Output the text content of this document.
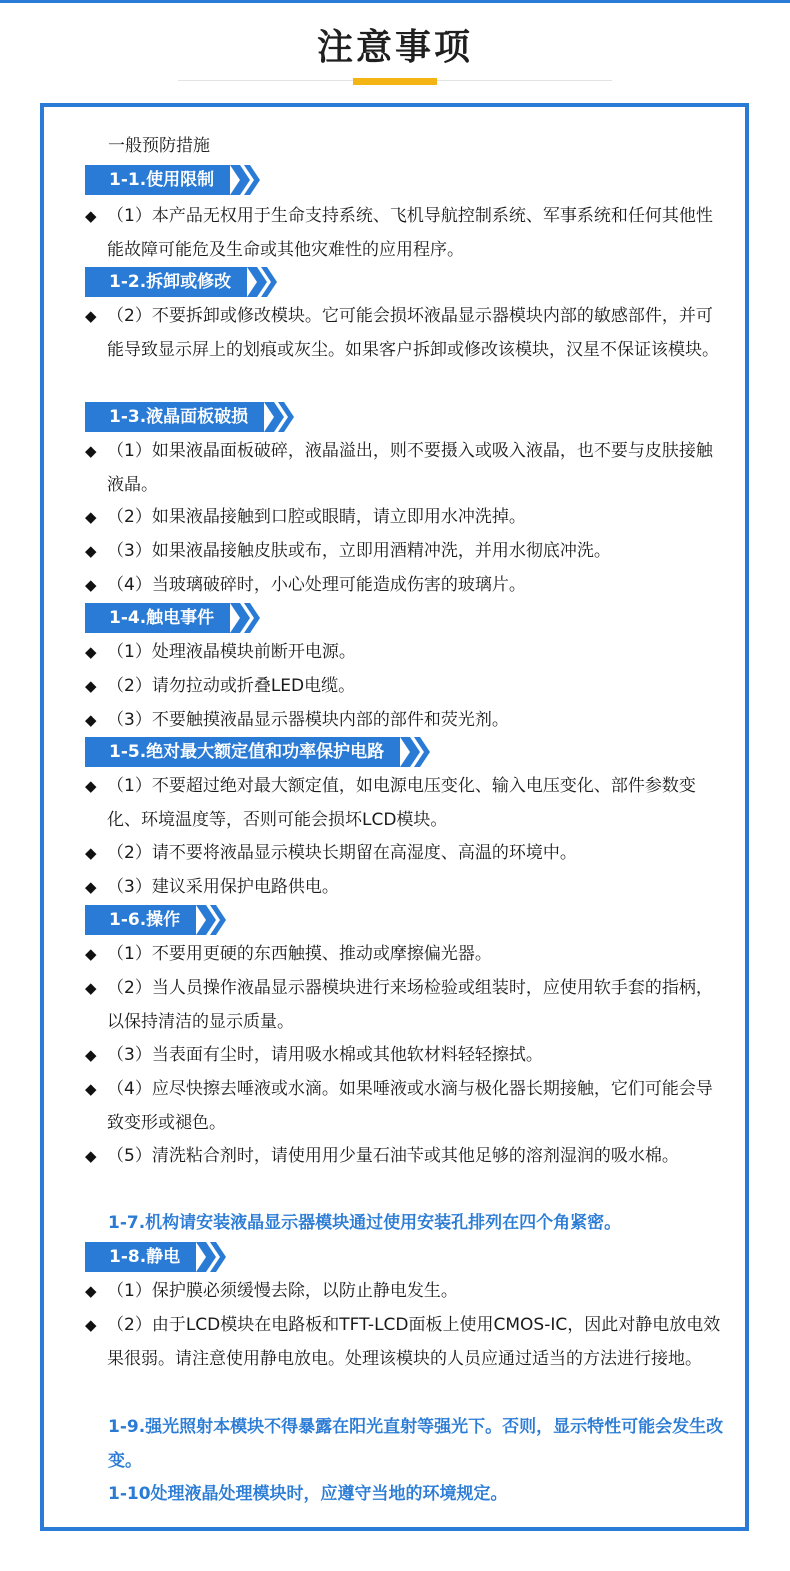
注意事项
一般预防措施
1-1.使用限制
◆ （1）本产品无权用于生命支持系统、飞机导航控制系统、军事系统和任何其他性能故障可能危及生命或其他灾难性的应用程序。
1-2.拆卸或修改
◆ （2）不要拆卸或修改模块。它可能会损坏液晶显示器模块内部的敏感部件，并可能导致显示屏上的划痕或灰尘。如果客户拆卸或修改该模块，汉星不保证该模块。
1-3.液晶面板破损
◆ （1）如果液晶面板破碎，液晶溢出，则不要摄入或吸入液晶，也不要与皮肤接触液晶。
◆ （2）如果液晶接触到口腔或眼睛，请立即用水冲洗掉。
◆ （3）如果液晶接触皮肤或布，立即用酒精冲洗，并用水彻底冲洗。
◆ （4）当玻璃破碎时，小心处理可能造成伤害的玻璃片。
1-4.触电事件
◆ （1）处理液晶模块前断开电源。
◆ （2）请勿拉动或折叠LED电缆。
◆ （3）不要触摸液晶显示器模块内部的部件和荧光剂。
1-5.绝对最大额定值和功率保护电路
◆ （1）不要超过绝对最大额定值，如电源电压变化、输入电压变化、部件参数变化、环境温度等，否则可能会损坏LCD模块。
◆ （2）请不要将液晶显示模块长期留在高湿度、高温的环境中。
◆ （3）建议采用保护电路供电。
1-6.操作
◆ （1）不要用更硬的东西触摸、推动或摩擦偏光器。
◆ （2）当人员操作液晶显示器模块进行来场检验或组装时，应使用软手套的指柄，以保持清洁的显示质量。
◆ （3）当表面有尘时，请用吸水棉或其他软材料轻轻擦拭。
◆ （4）应尽快擦去唾液或水滴。如果唾液或水滴与极化器长期接触，它们可能会导致变形或褪色。
◆ （5）清洗粘合剂时，请使用用少量石油苄或其他足够的溶剂湿润的吸水棉。
1-7.机构请安装液晶显示器模块通过使用安装孔排列在四个角紧密。
1-8.静电
◆ （1）保护膜必须缓慢去除，以防止静电发生。
◆ （2）由于LCD模块在电路板和TFT-LCD面板上使用CMOS-IC，因此对静电放电效果很弱。请注意使用静电放电。处理该模块的人员应通过适当的方法进行接地。
1-9.强光照射本模块不得暴露在阳光直射等强光下。否则，显示特性可能会发生改变。
1-10处理液晶处理模块时，应遵守当地的环境规定。
